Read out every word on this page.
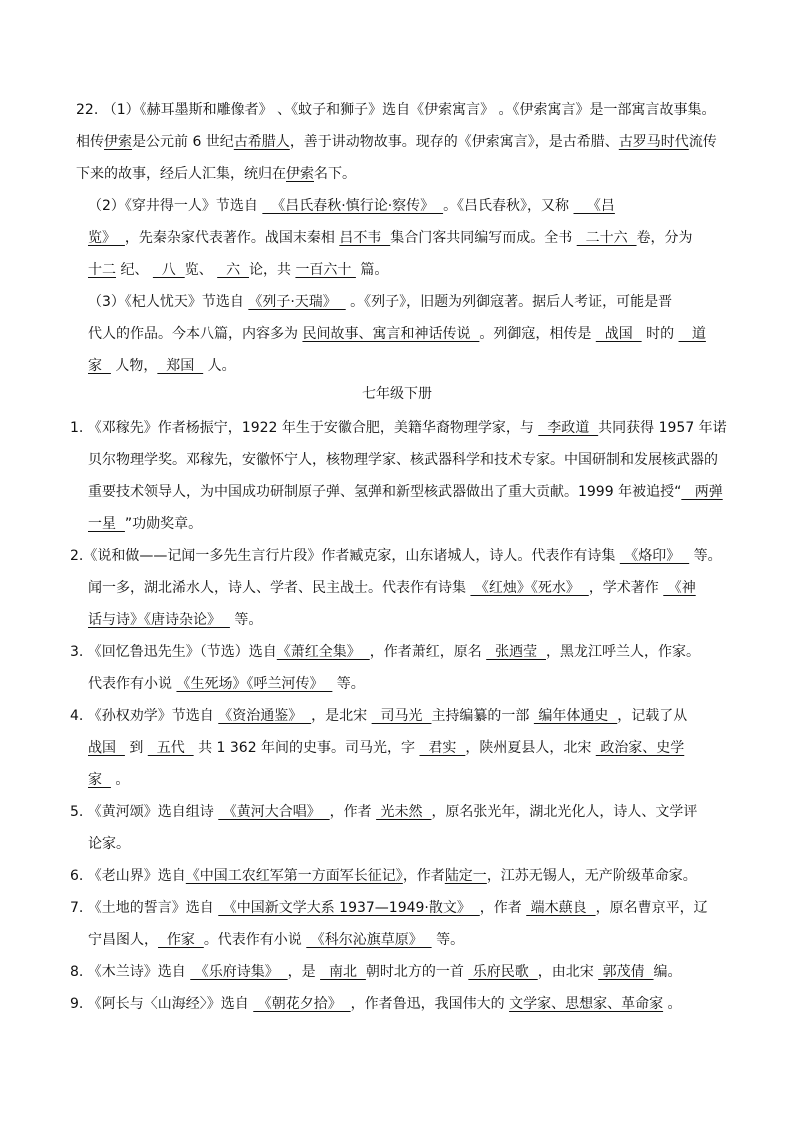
22. （1）《赫耳墨斯和雕像者》 、《蚊子和狮子》选自《伊索寓言》 。《伊索寓言》是一部寓言故事集。
相传伊索是公元前 6 世纪古希腊人，善于讲动物故事。现存的《伊索寓言》，是古希腊、古罗马时代流传
下来的故事，经后人汇集，统归在伊索名下。
（2）《穿井得一人》节选自   《吕氏春秋·慎行论·察传》  。《吕氏春秋》，又称    《吕
览》  ，先秦杂家代表著作。战国末秦相 吕不韦  集合门客共同编写而成。全书   二十六  卷，分为
十二 纪、   八  览、   六  论，共 一百六十  篇。
（3）《杞人忧天》节选自 《列子·天瑞》   。《列子》，旧题为列御寇著。据后人考证，可能是晋
代人的作品。今本八篇，内容多为 民间故事、寓言和神话传说  。列御寇，相传是   战国   时的    道
家   人物，  郑国   人。
七年级下册
1. 《邓稼先》作者杨振宁，1922 年生于安徽合肥，美籍华裔物理学家，与   李政道  共同获得 1957 年诺
贝尔物理学奖。邓稼先，安徽怀宁人，核物理学家、核武器科学和技术专家。中国研制和发展核武器的
重要技术领导人，为中国成功研制原子弹、氢弹和新型核武器做出了重大贡献。1999 年被追授“   两弹
一星  ”功勋奖章。
2.《说和做——记闻一多先生言行片段》作者臧克家，山东诸城人，诗人。代表作有诗集  《烙印》   等。
闻一多，湖北浠水人，诗人、学者、民主战士。代表作有诗集  《红烛》《死水》  ，学术著作  《神
话与诗》《唐诗杂论》   等。
3. 《回忆鲁迅先生》（节选）选自《萧红全集》  ，作者萧红，原名   张迺莹  ，黑龙江呼兰人，作家。
代表作有小说 《生死场》《呼兰河传》   等。
4. 《孙权劝学》节选自 《资治通鉴》  ，是北宋   司马光  主持编纂的一部  编年体通史  ，记载了从
战国   到   五代   共 1 362 年间的史事。司马光，字   君实  ，陕州夏县人，北宋  政治家、史学
家   。
5. 《黄河颂》选自组诗  《黄河大合唱》  ，作者  光未然  ，原名张光年，湖北光化人，诗人、文学评
论家。
6. 《老山界》选自《中国工农红军第一方面军长征记》，作者陆定一，江苏无锡人，无产阶级革命家。
7. 《土地的誓言》选自  《中国新文学大系 1937—1949·散文》  ，作者  端木蕻良  ，原名曹京平，辽
宁昌图人，  作家  。代表作有小说  《科尔沁旗草原》   等。
8. 《木兰诗》选自  《乐府诗集》  ，是   南北  朝时北方的一首  乐府民歌  ，由北宋  郭茂倩  编。
9. 《阿长与〈山海经〉》选自  《朝花夕拾》  ，作者鲁迅，我国伟大的 文学家、思想家、革命家 。
